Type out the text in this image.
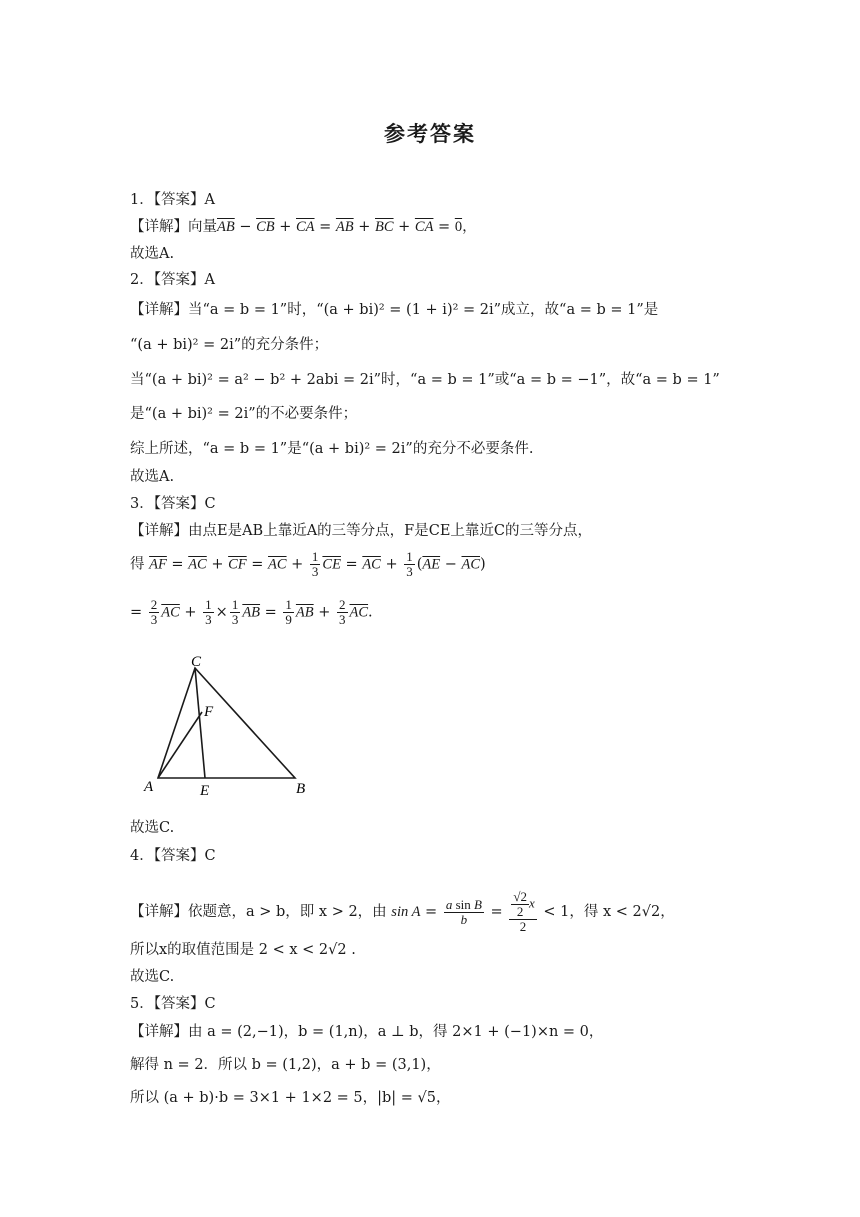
参考答案
1．【答案】A
【详解】向量$\overline{AB} - \overline{CB} + \overline{CA} = \overline{AB} + \overline{BC} + \overline{CA} = 0$，
故选A.
2．【答案】A
【详解】当“a = b = 1”时，“(a + bi)² = (1 + i)² = 2i”成立，故“a = b = 1”是
“(a + bi)² = 2i”的充分条件；
当“(a + bi)² = a² − b² + 2abi = 2i”时，“a = b = 1”或“a = b = −1”，故“a = b = 1”
是“(a + bi)² = 2i”的不必要条件；
综上所述，“a = b = 1”是“(a + bi)² = 2i”的充分不必要条件.
故选A.
3．【答案】C
【详解】由点E是AB上靠近A的三等分点，F是CE上靠近C的三等分点，
得 $\overline{AF} = \overline{AC} + \overline{CF} = \overline{AC} + \frac{1}{3} \overline{CE} = \overline{AC} + \frac{1}{3} (\overline{AE} - \overline{AC})$
= $\frac{2}{3} \overline{AC} + \frac{1}{3} \times \frac{1}{3} \overline{AB} = \frac{1}{9} \overline{AB} + \frac{2}{3} \overline{AC}$.
C
F
A	E	B
故选C.
4．【答案】C
【详解】依题意，a > b，即 x > 2，由 $\sin A = \frac{\text{a sin B}}{b} = \frac{\frac{√2}{2} x}{2} < 1$，得 x < 2√2，
所以x的取值范围是 2 < x < 2√2 .
故选C.
5．【答案】C
【详解】由 a = (2,−1)，b = (1,n)，a ⊥ b，得 2×1 + (−1)×n = 0，
解得 n = 2．所以 b = (1,2)，a + b = (3,1)，
所以 (a + b)·b = 3×1 + 1×2 = 5，|b| = √5，
